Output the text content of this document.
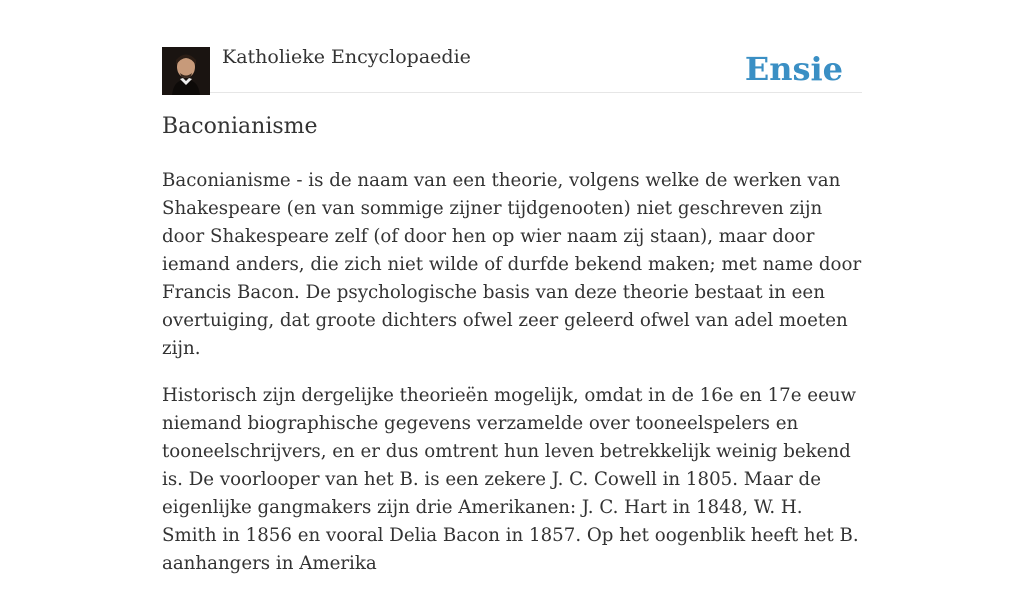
Katholieke Encyclopaedie	Ensie
Baconianisme

Baconianisme - is de naam van een theorie, volgens welke de werken van Shakespeare (en van sommige zijner tijdgenooten) niet geschreven zijn door Shakespeare zelf (of door hen op wier naam zij staan), maar door iemand anders, die zich niet wilde of durfde bekend maken; met name door Francis Bacon. De psychologische basis van deze theorie bestaat in een overtuiging, dat groote dichters ofwel zeer geleerd ofwel van adel moeten zijn.

Historisch zijn dergelijke theorieën mogelijk, omdat in de 16e en 17e eeuw niemand biographische gegevens verzamelde over tooneelspelers en tooneelschrijvers, en er dus omtrent hun leven betrekkelijk weinig bekend is. De voorlooper van het B. is een zekere J. C. Cowell in 1805. Maar de eigenlijke gangmakers zijn drie Amerikanen: J. C. Hart in 1848, W. H. Smith in 1856 en vooral Delia Bacon in 1857. Op het oogenblik heeft het B. aanhangers in Amerika
